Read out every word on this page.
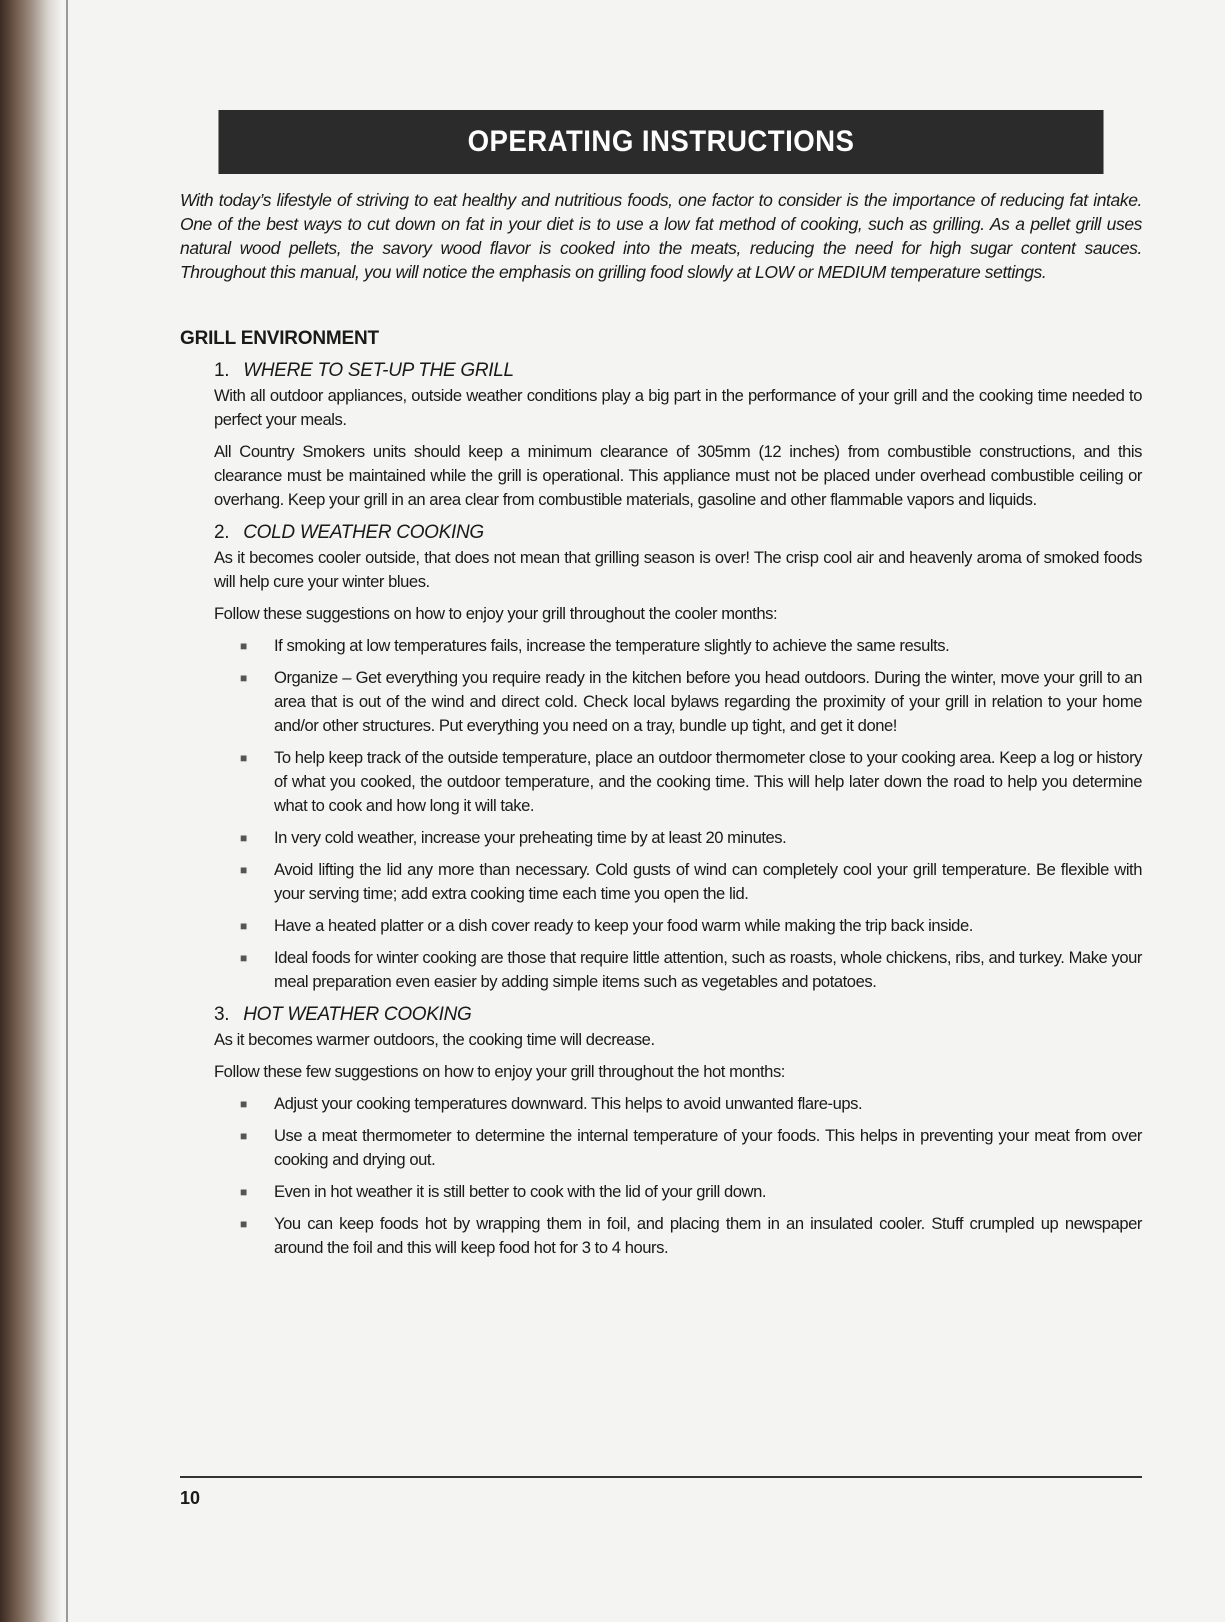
OPERATING INSTRUCTIONS

With today’s lifestyle of striving to eat healthy and nutritious foods, one factor to consider is the importance of reducing fat intake. One of the best ways to cut down on fat in your diet is to use a low fat method of cooking, such as grilling. As a pellet grill uses natural wood pellets, the savory wood flavor is cooked into the meats, reducing the need for high sugar content sauces. Throughout this manual, you will notice the emphasis on grilling food slowly at LOW or MEDIUM temperature settings.

GRILL ENVIRONMENT
1. WHERE TO SET-UP THE GRILL

With all outdoor appliances, outside weather conditions play a big part in the performance of your grill and the cooking time needed to perfect your meals.

All Country Smokers units should keep a minimum clearance of 305mm (12 inches) from combustible constructions, and this clearance must be maintained while the grill is operational. This appliance must not be placed under overhead combustible ceiling or overhang. Keep your grill in an area clear from combustible materials, gasoline and other flammable vapors and liquids.

2. COLD WEATHER COOKING

As it becomes cooler outside, that does not mean that grilling season is over! The crisp cool air and heavenly aroma of smoked foods will help cure your winter blues.

Follow these suggestions on how to enjoy your grill throughout the cooler months:

■ If smoking at low temperatures fails, increase the temperature slightly to achieve the same results.
■ Organize – Get everything you require ready in the kitchen before you head outdoors. During the winter, move your grill to an area that is out of the wind and direct cold. Check local bylaws regarding the proximity of your grill in relation to your home and/or other structures. Put everything you need on a tray, bundle up tight, and get it done!
■ To help keep track of the outside temperature, place an outdoor thermometer close to your cooking area. Keep a log or history of what you cooked, the outdoor temperature, and the cooking time. This will help later down the road to help you determine what to cook and how long it will take.
■ In very cold weather, increase your preheating time by at least 20 minutes.
■ Avoid lifting the lid any more than necessary. Cold gusts of wind can completely cool your grill temperature. Be flexible with your serving time; add extra cooking time each time you open the lid.
■ Have a heated platter or a dish cover ready to keep your food warm while making the trip back inside.
■ Ideal foods for winter cooking are those that require little attention, such as roasts, whole chickens, ribs, and turkey. Make your meal preparation even easier by adding simple items such as vegetables and potatoes.
3. HOT WEATHER COOKING

As it becomes warmer outdoors, the cooking time will decrease.

Follow these few suggestions on how to enjoy your grill throughout the hot months:

■ Adjust your cooking temperatures downward. This helps to avoid unwanted flare-ups.
■ Use a meat thermometer to determine the internal temperature of your foods. This helps in preventing your meat from over cooking and drying out.
■ Even in hot weather it is still better to cook with the lid of your grill down.
■ You can keep foods hot by wrapping them in foil, and placing them in an insulated cooler. Stuff crumpled up newspaper around the foil and this will keep food hot for 3 to 4 hours.
10
